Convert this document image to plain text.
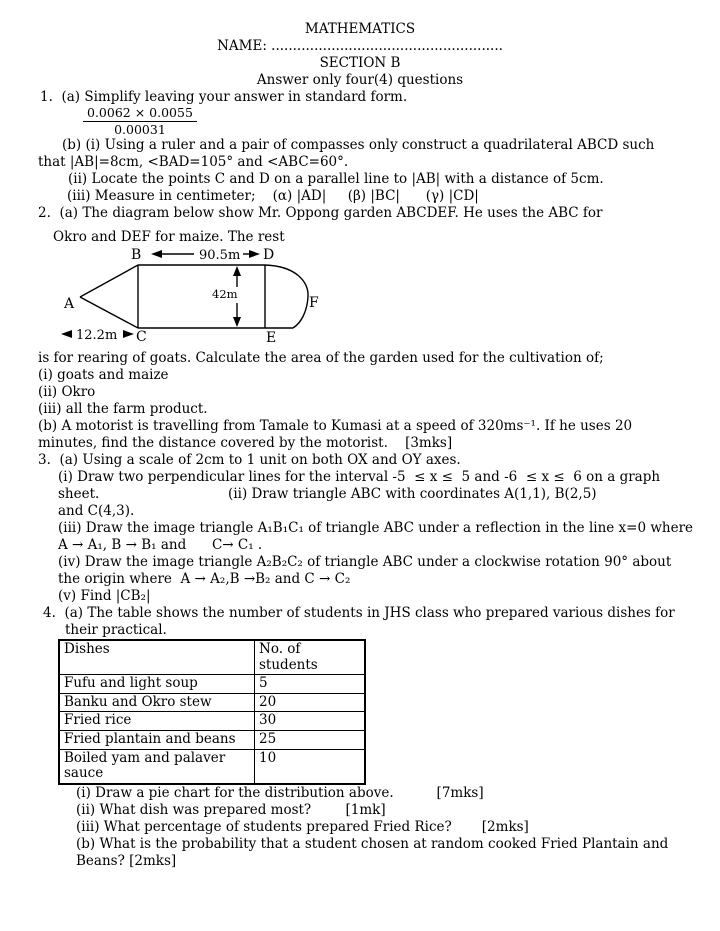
MATHEMATICS
NAME: ......................................................
SECTION B
Answer only four(4) questions
1.  (a) Simplify leaving your answer in standard form.
0.0062 × 0.0055
0.00031
(b) (i) Using a ruler and a pair of compasses only construct a quadrilateral ABCD such
that |AB|=8cm, <BAD=105° and <ABC=60°.
(ii) Locate the points C and D on a parallel line to |AB| with a distance of 5cm.
(iii) Measure in centimeter;    (α) |AD|     (β) |BC|      (γ) |CD|
2.  (a) The diagram below show Mr. Oppong garden ABCDEF. He uses the ABC for
Okro and DEF for maize. The rest
B	90.5m D
A	F
42m
12.2m C	E
is for rearing of goats. Calculate the area of the garden used for the cultivation of;
(i) goats and maize
(ii) Okro
(iii) all the farm product.
(b) A motorist is travelling from Tamale to Kumasi at a speed of 320ms⁻¹. If he uses 20
minutes, find the distance covered by the motorist.    [3mks]
3.  (a) Using a scale of 2cm to 1 unit on both OX and OY axes.
(i) Draw two perpendicular lines for the interval -5  ≤ x ≤  5 and -6  ≤ x ≤  6 on a graph
sheet.                              (ii) Draw triangle ABC with coordinates A(1,1), B(2,5)
and C(4,3).
(iii) Draw the image triangle A₁B₁C₁ of triangle ABC under a reflection in the line x=0 where
A → A₁, B → B₁ and      C→ C₁ .
(iv) Draw the image triangle A₂B₂C₂ of triangle ABC under a clockwise rotation 90° about
the origin where  A → A₂,B →B₂ and C → C₂
(v) Find |CB₂|
4.  (a) The table shows the number of students in JHS class who prepared various dishes for
their practical.
Dishes	No. of students
Fufu and light soup	5
Banku and Okro stew	20
Fried rice	30
Fried plantain and beans	25
Boiled yam and palaver sauce	10
(i) Draw a pie chart for the distribution above.          [7mks]
(ii) What dish was prepared most?        [1mk]
(iii) What percentage of students prepared Fried Rice?       [2mks]
(b) What is the probability that a student chosen at random cooked Fried Plantain and
Beans? [2mks]
